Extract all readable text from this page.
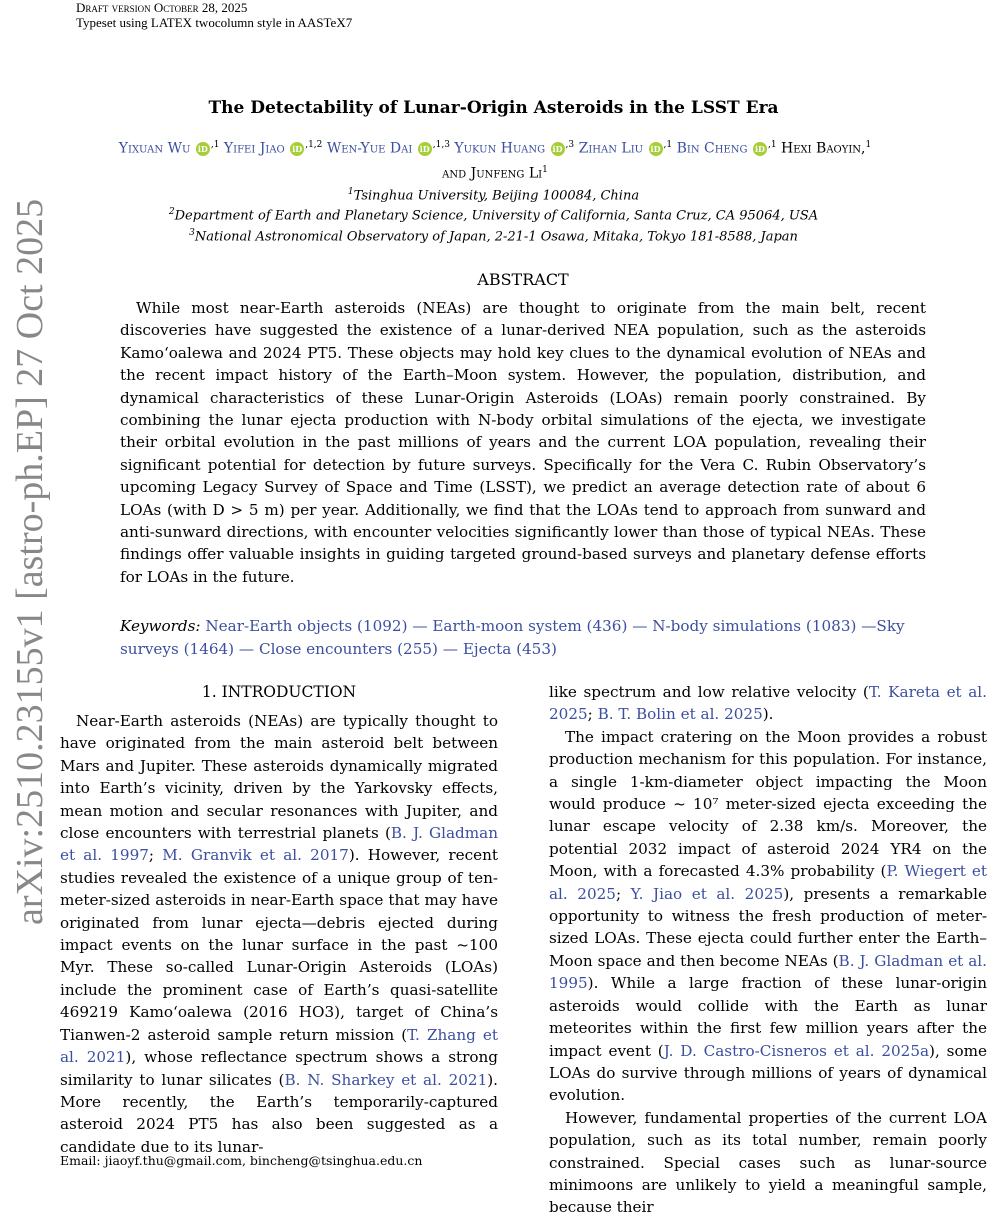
Draft version October 28, 2025
Typeset using LATEX twocolumn style in AASTeX7
arXiv:2510.23155v1 [astro-ph.EP] 27 Oct 2025
The Detectability of Lunar-Origin Asteroids in the LSST Era
Yixuan Wu iD $^{,1}$ Yifei Jiao iD $^{,1,2}$ Wen-Yue Dai iD $^{,1,3}$ Yukun Huang iD $^{,3}$ Zihan Liu iD $^{,1}$ Bin Cheng iD $^{,1}$ Hexi Baoyin,$^1$
and Junfeng Li$^1$
$^1$Tsinghua University, Beijing 100084, China
$^2$Department of Earth and Planetary Science, University of California, Santa Cruz, CA 95064, USA
$^3$National Astronomical Observatory of Japan, 2-21-1 Osawa, Mitaka, Tokyo 181-8588, Japan
ABSTRACT
While most near-Earth asteroids (NEAs) are thought to originate from the main belt, recent discoveries have suggested the existence of a lunar-derived NEA population, such as the asteroids Kamo‘oalewa and 2024 PT5. These objects may hold key clues to the dynamical evolution of NEAs and the recent impact history of the Earth–Moon system. However, the population, distribution, and dynamical characteristics of these Lunar-Origin Asteroids (LOAs) remain poorly constrained. By combining the lunar ejecta production with N-body orbital simulations of the ejecta, we investigate their orbital evolution in the past millions of years and the current LOA population, revealing their significant potential for detection by future surveys. Specifically for the Vera C. Rubin Observatory’s upcoming Legacy Survey of Space and Time (LSST), we predict an average detection rate of about 6 LOAs (with D > 5 m) per year. Additionally, we find that the LOAs tend to approach from sunward and anti-sunward directions, with encounter velocities significantly lower than those of typical NEAs. These findings offer valuable insights in guiding targeted ground-based surveys and planetary defense efforts for LOAs in the future.
Keywords: Near-Earth objects (1092) — Earth-moon system (436) — N-body simulations (1083) —Sky surveys (1464) — Close encounters (255) — Ejecta (453)
1. INTRODUCTION

Near-Earth asteroids (NEAs) are typically thought to have originated from the main asteroid belt between Mars and Jupiter. These asteroids dynamically migrated into Earth’s vicinity, driven by the Yarkovsky effects, mean motion and secular resonances with Jupiter, and close encounters with terrestrial planets (B. J. Gladman et al. 1997; M. Granvik et al. 2017). However, recent studies revealed the existence of a unique group of ten-meter-sized asteroids in near-Earth space that may have originated from lunar ejecta—debris ejected during impact events on the lunar surface in the past ~100 Myr. These so-called Lunar-Origin Asteroids (LOAs) include the prominent case of Earth’s quasi-satellite 469219 Kamo‘oalewa (2016 HO3), target of China’s Tianwen-2 asteroid sample return mission (T. Zhang et al. 2021), whose reflectance spectrum shows a strong similarity to lunar silicates (B. N. Sharkey et al. 2021). More recently, the Earth’s temporarily-captured asteroid 2024 PT5 has also been suggested as a candidate due to its lunar-

like spectrum and low relative velocity (T. Kareta et al. 2025; B. T. Bolin et al. 2025).

The impact cratering on the Moon provides a robust production mechanism for this population. For instance, a single 1-km-diameter object impacting the Moon would produce ~ 10⁷ meter-sized ejecta exceeding the lunar escape velocity of 2.38 km/s. Moreover, the potential 2032 impact of asteroid 2024 YR4 on the Moon, with a forecasted 4.3% probability (P. Wiegert et al. 2025; Y. Jiao et al. 2025), presents a remarkable opportunity to witness the fresh production of meter-sized LOAs. These ejecta could further enter the Earth–Moon space and then become NEAs (B. J. Gladman et al. 1995). While a large fraction of these lunar-origin asteroids would collide with the Earth as lunar meteorites within the first few million years after the impact event (J. D. Castro-Cisneros et al. 2025a), some LOAs do survive through millions of years of dynamical evolution.

However, fundamental properties of the current LOA population, such as its total number, remain poorly constrained. Special cases such as lunar-source minimoons are unlikely to yield a meaningful sample, because their

Email: jiaoyf.thu@gmail.com, bincheng@tsinghua.edu.cn
